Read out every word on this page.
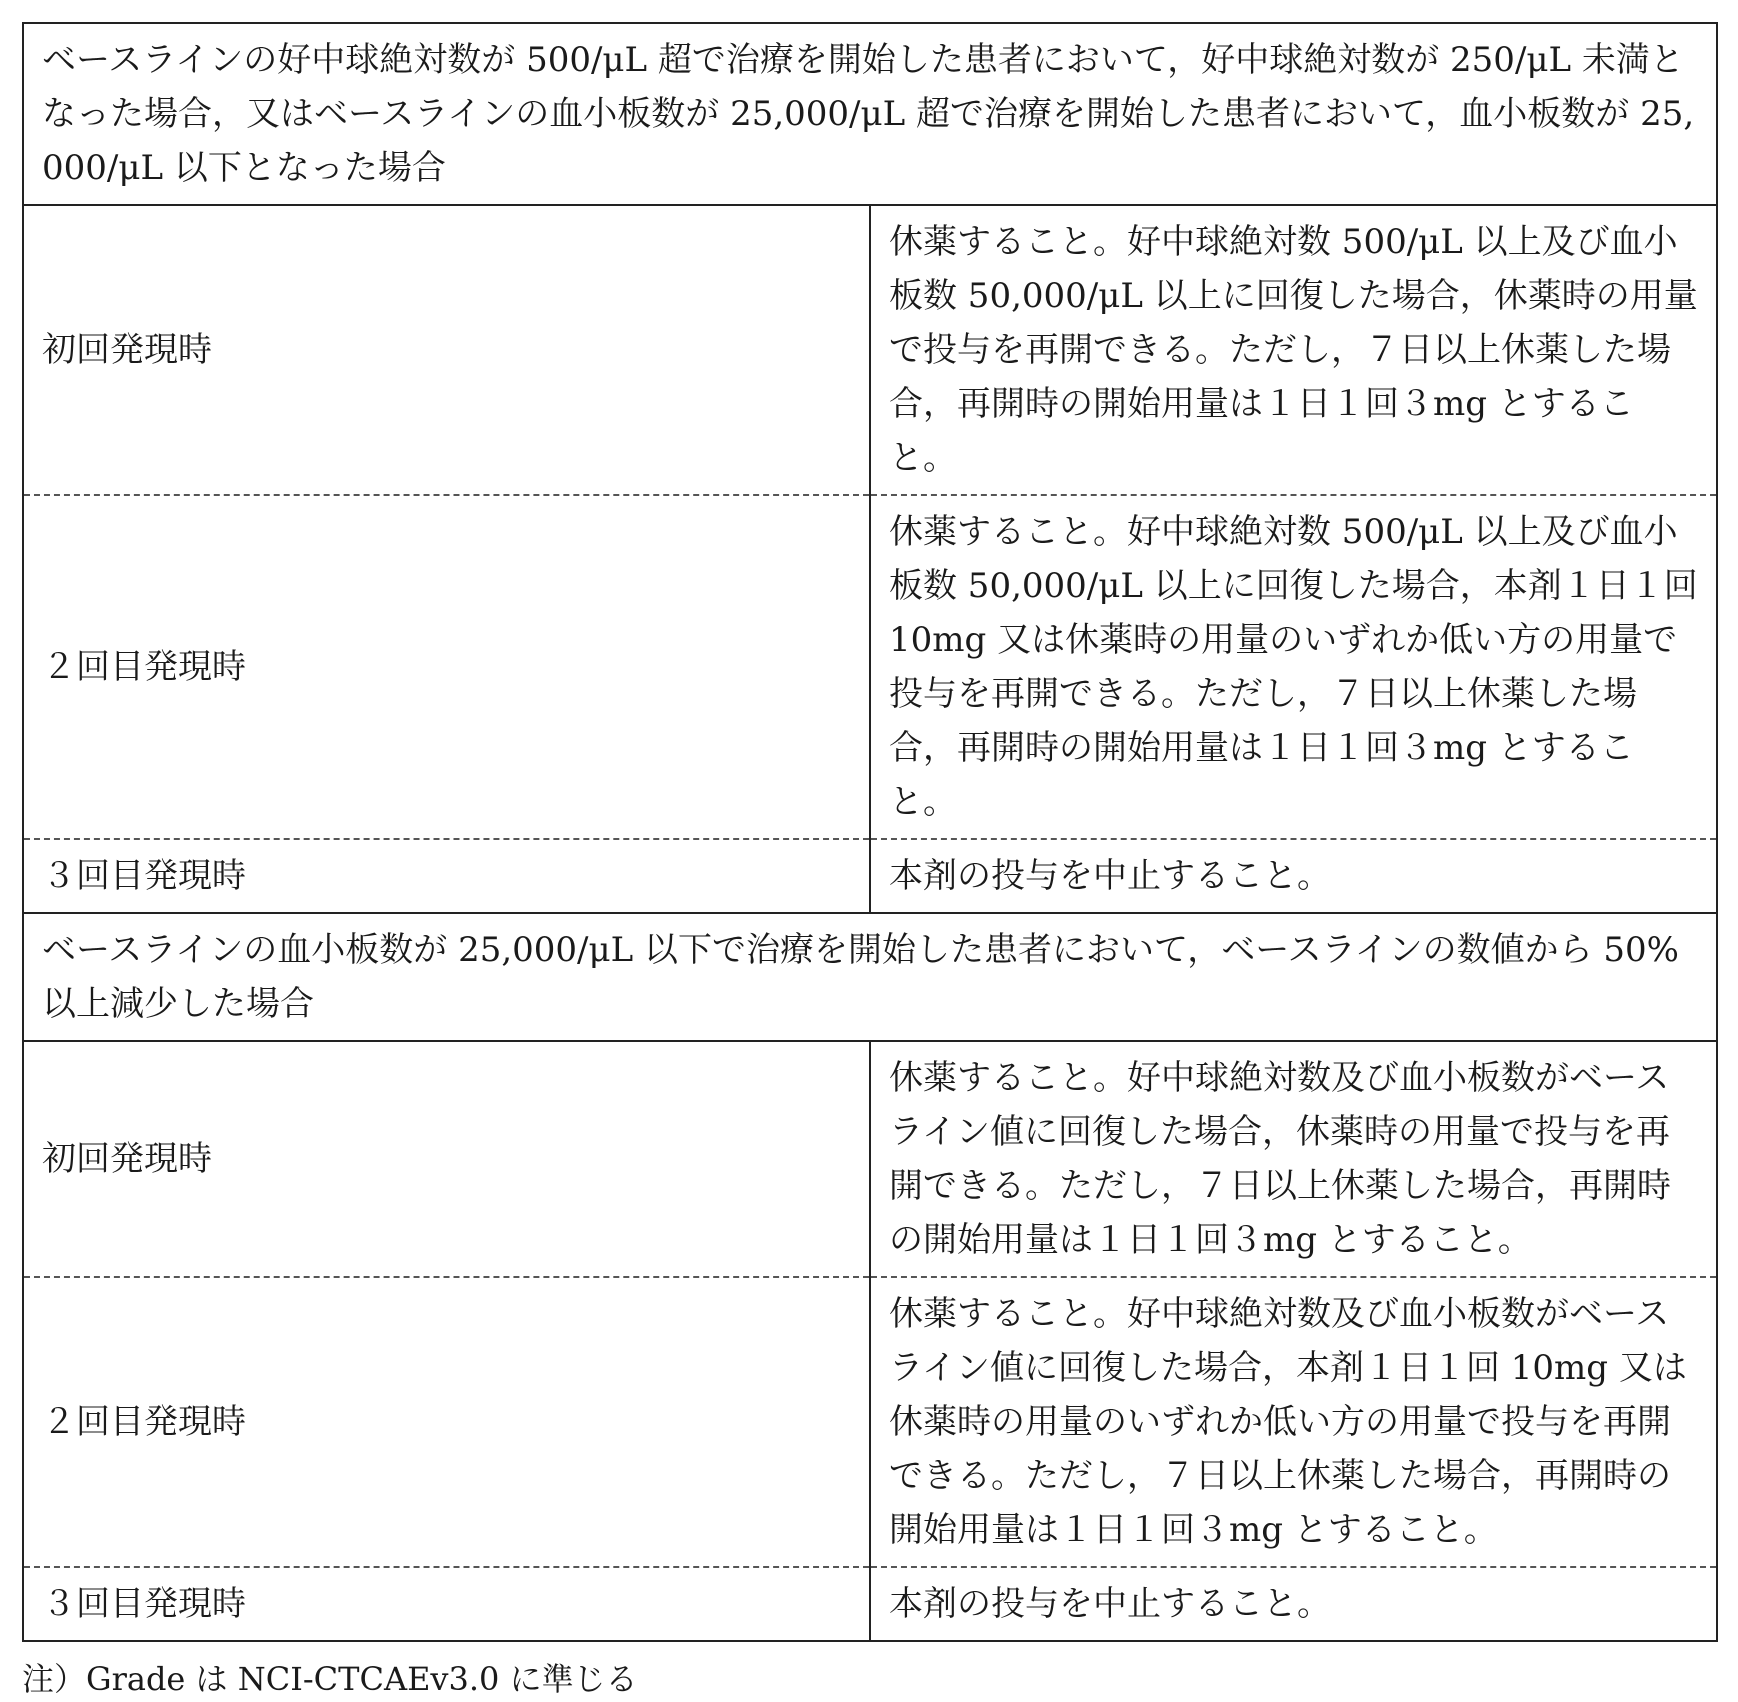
ベースラインの好中球絶対数が 500/μL 超で治療を開始した患者において，好中球絶対数が 250/μL 未満となった場合，又はベースラインの血小板数が 25,000/μL 超で治療を開始した患者において，血小板数が 25,000/μL 以下となった場合	
初回発現時	休薬すること。好中球絶対数 500/μL 以上及び血小板数 50,000/μL 以上に回復した場合，休薬時の用量で投与を再開できる。ただし，７日以上休薬した場合，再開時の開始用量は１日１回３mg とすること。
２回目発現時	休薬すること。好中球絶対数 500/μL 以上及び血小板数 50,000/μL 以上に回復した場合，本剤１日１回 10mg 又は休薬時の用量のいずれか低い方の用量で投与を再開できる。ただし，７日以上休薬した場合，再開時の開始用量は１日１回３mg とすること。
３回目発現時	本剤の投与を中止すること。
ベースラインの血小板数が 25,000/μL 以下で治療を開始した患者において，ベースラインの数値から 50% 以上減少した場合	
初回発現時	休薬すること。好中球絶対数及び血小板数がベースライン値に回復した場合，休薬時の用量で投与を再開できる。ただし，７日以上休薬した場合，再開時の開始用量は１日１回３mg とすること。
２回目発現時	休薬すること。好中球絶対数及び血小板数がベースライン値に回復した場合，本剤１日１回 10mg 又は休薬時の用量のいずれか低い方の用量で投与を再開できる。ただし，７日以上休薬した場合，再開時の開始用量は１日１回３mg とすること。
３回目発現時	本剤の投与を中止すること。
注）Grade は NCI-CTCAEv3.0 に準じる
